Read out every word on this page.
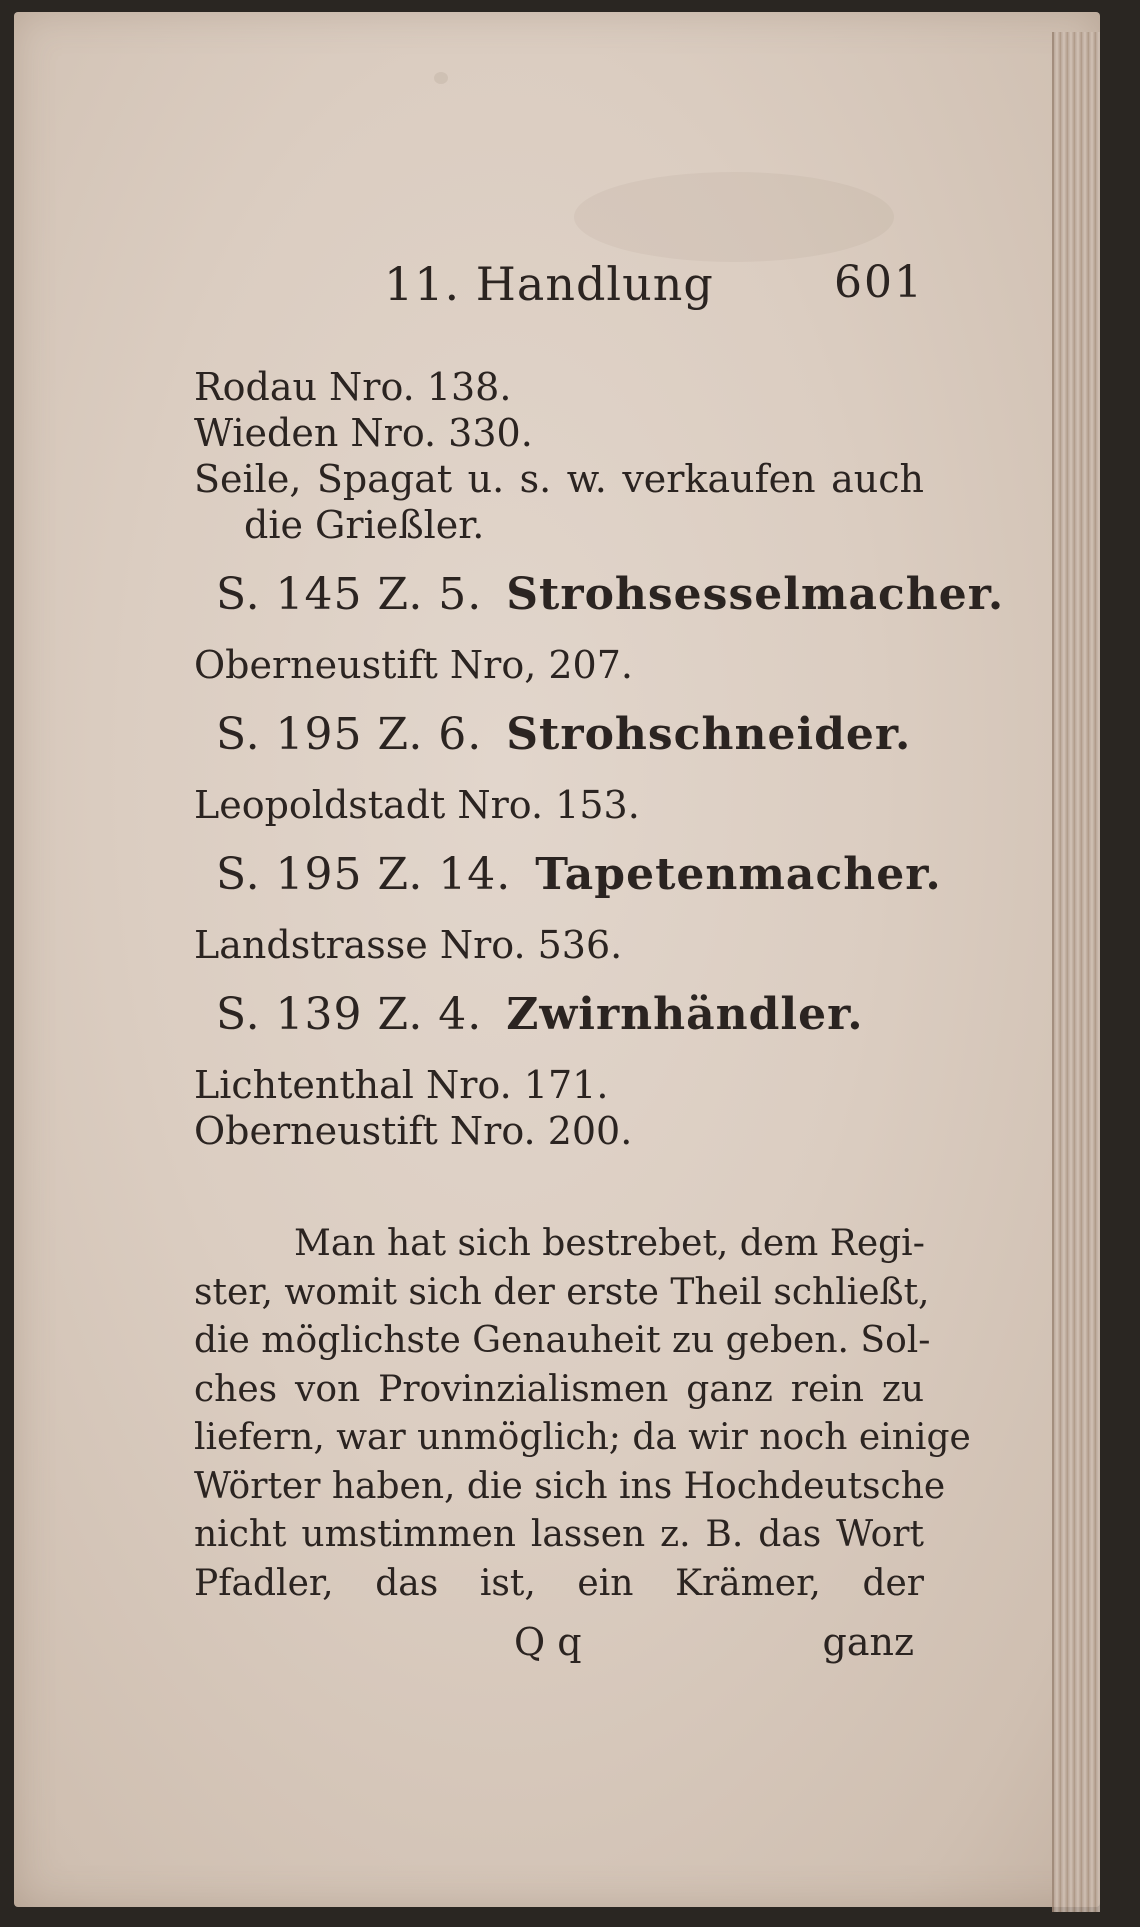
11. Handlung	601
Rodau Nro. 138.
Wieden Nro. 330.
Seile, Spagat u. s. w. verkaufen auch
die Grießler.
S. 145 Z. 5. Strohsesselmacher.
Oberneustift Nro, 207.
S. 195 Z. 6. Strohschneider.
Leopoldstadt Nro. 153.
S. 195 Z. 14. Tapetenmacher.
Landstrasse Nro. 536.
S. 139 Z. 4. Zwirnhändler.
Lichtenthal Nro. 171.
Oberneustift Nro. 200.
Man hat sich bestrebet, dem Regi-
ster, womit sich der erste Theil schließt,
die möglichste Genauheit zu geben. Sol-
ches von Provinzialismen ganz rein zu
liefern, war unmöglich; da wir noch einige
Wörter haben, die sich ins Hochdeutsche
nicht umstimmen lassen z. B. das Wort
Pfadler, das ist, ein Krämer, der
Q q	ganz
